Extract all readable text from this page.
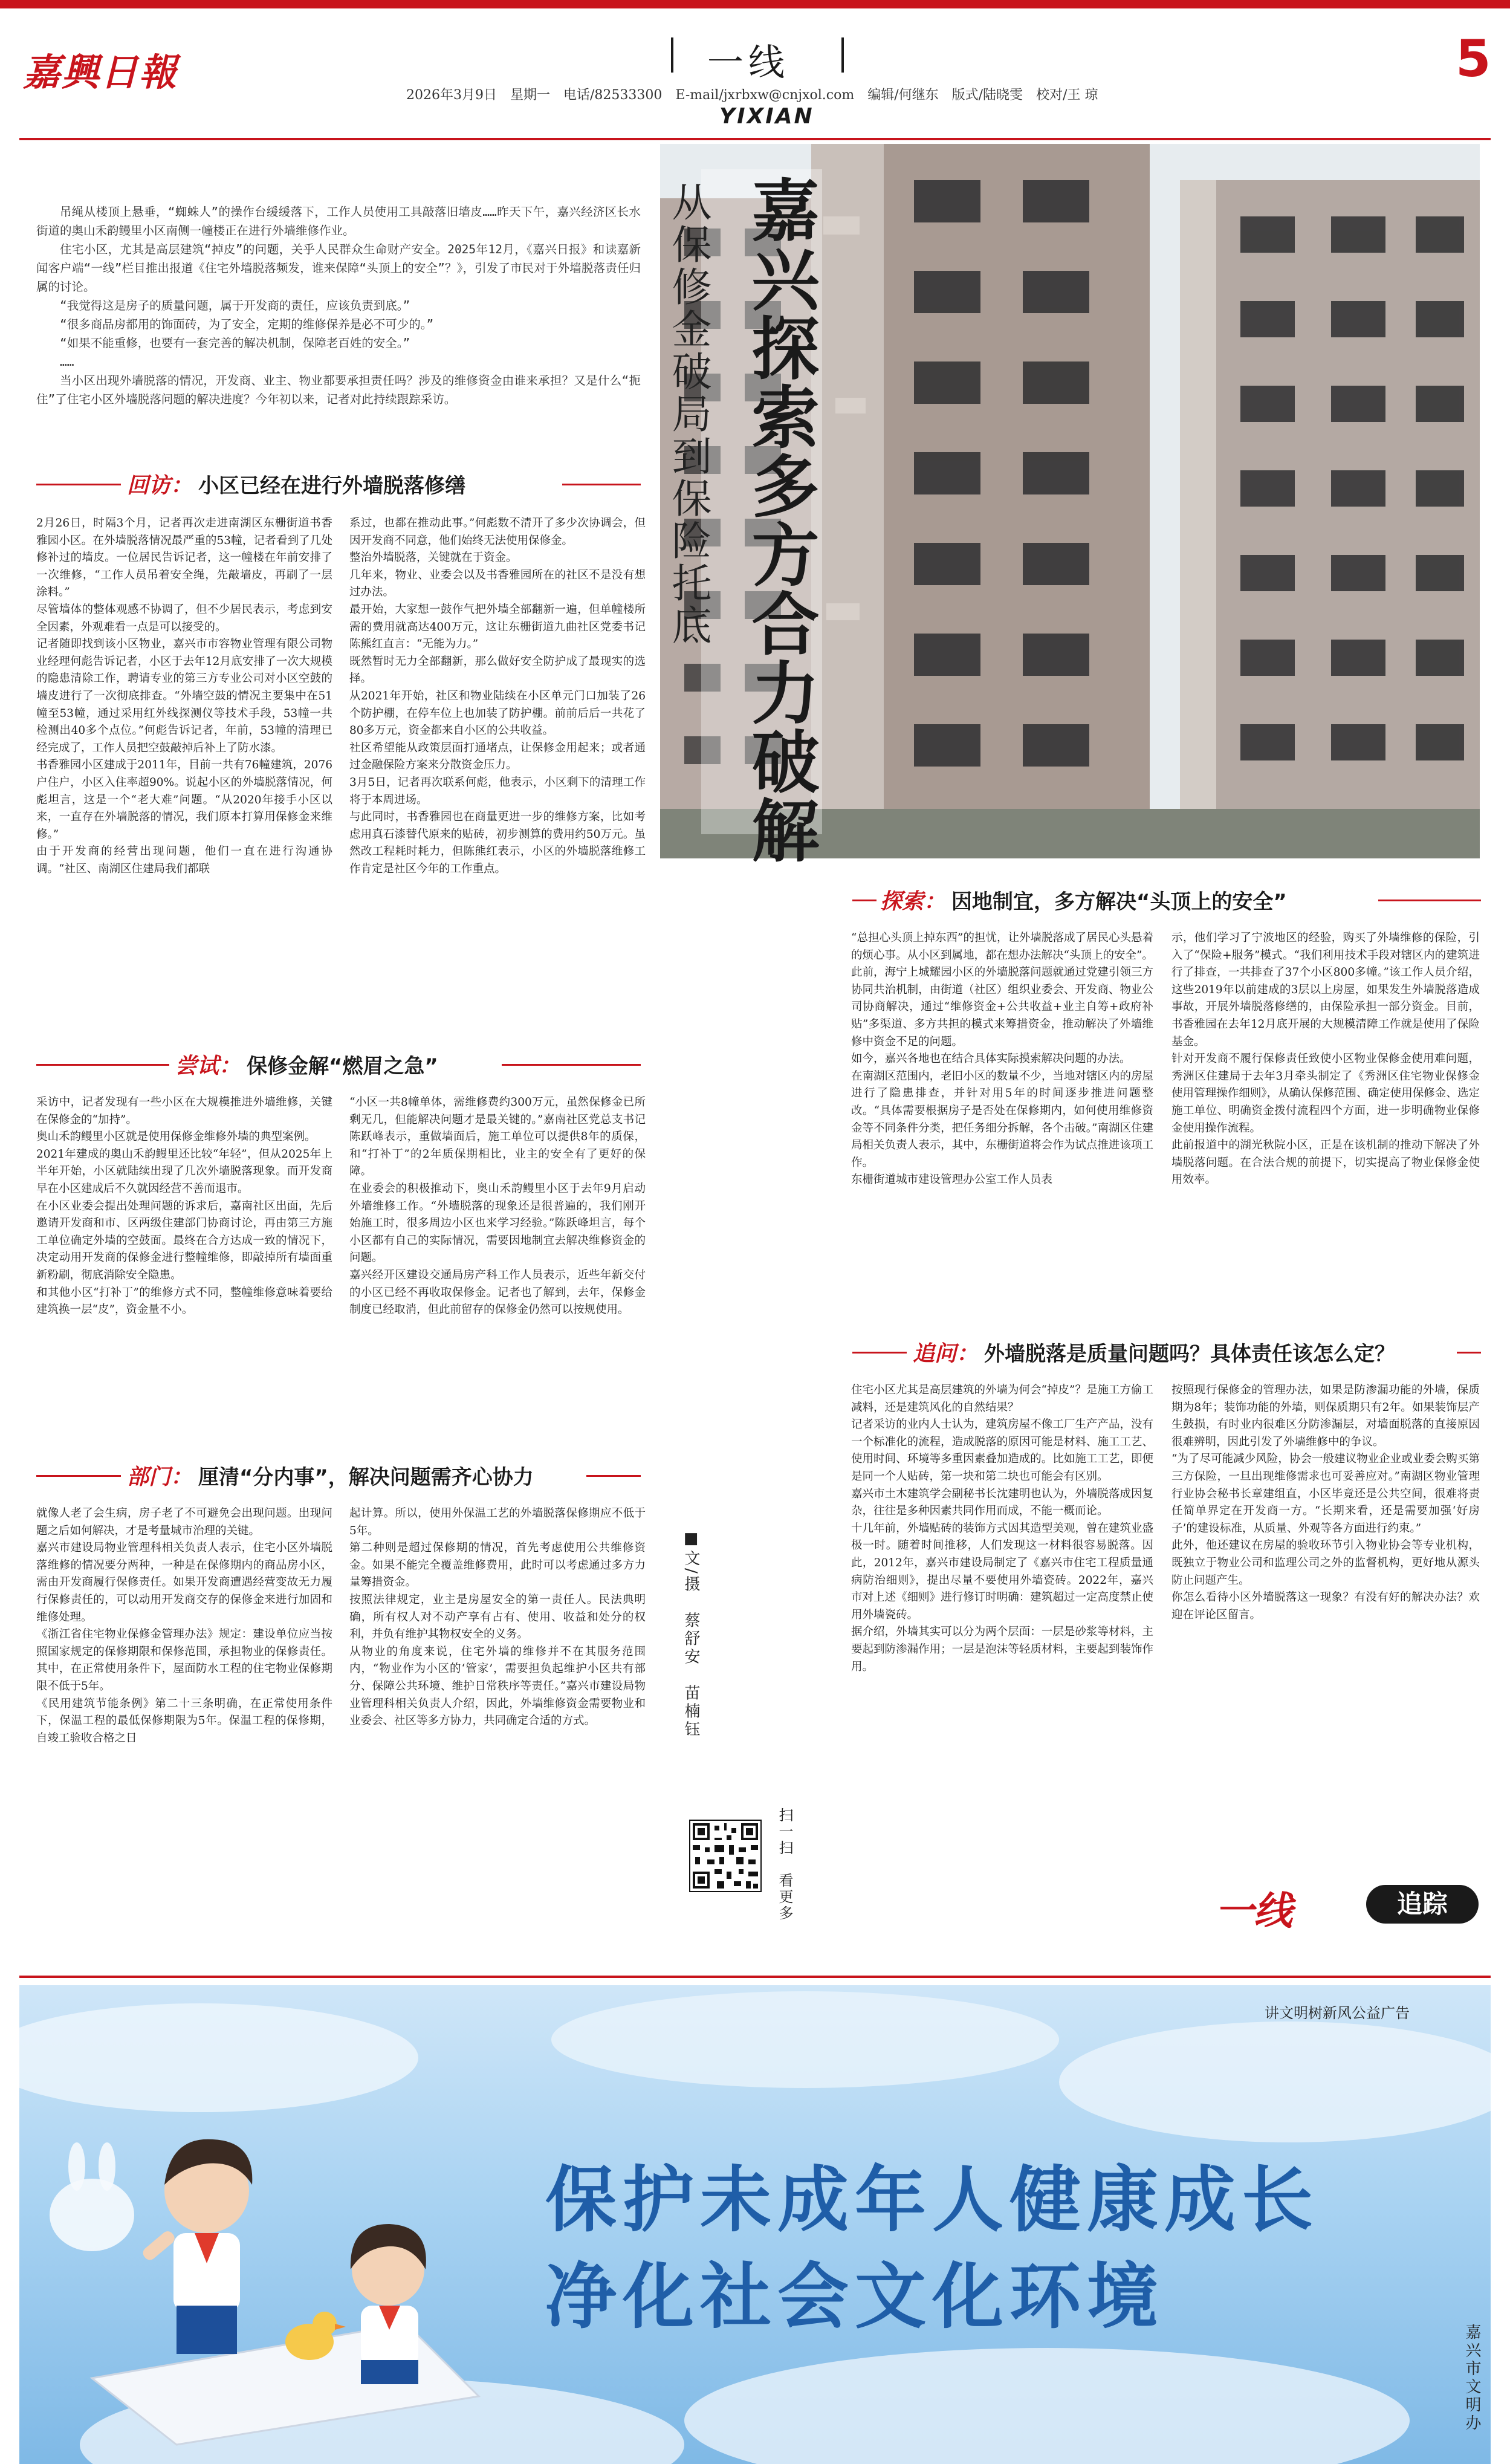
嘉興日報	一线	5
2026年3月9日　星期一　电话/82533300　E-mail/jxrbxw@cnjxol.com　编辑/何继东　版式/陆晓雯　校对/王 琼
YIXIAN
嘉兴探索多方合力破解
从保修金破局到保险托底

吊绳从楼顶上悬垂，“蜘蛛人”的操作台缓缓落下，工作人员使用工具敲落旧墙皮……昨天下午，嘉兴经济区长水街道的奥山禾韵鳗里小区南侧一幢楼正在进行外墙维修作业。

住宅小区，尤其是高层建筑“掉皮”的问题，关乎人民群众生命财产安全。2025年12月，《嘉兴日报》和读嘉新闻客户端“一线”栏目推出报道《住宅外墙脱落频发，谁来保障“头顶上的安全”？》，引发了市民对于外墙脱落责任归属的讨论。

“我觉得这是房子的质量问题，属于开发商的责任，应该负责到底。”

“很多商品房都用的饰面砖，为了安全，定期的维修保养是必不可少的。”

“如果不能重修，也要有一套完善的解决机制，保障老百姓的安全。”

……

当小区出现外墙脱落的情况，开发商、业主、物业都要承担责任吗？涉及的维修资金由谁来承担？又是什么“扼住”了住宅小区外墙脱落问题的解决进度？今年初以来，记者对此持续跟踪采访。

回访： 小区已经在进行外墙脱落修缮
2月26日，时隔3个月，记者再次走进南湖区东栅街道书香雅园小区。在外墙脱落情况最严重的53幢，记者看到了几处修补过的墙皮。一位居民告诉记者，这一幢楼在年前安排了一次维修，“工作人员吊着安全绳，先敲墙皮，再刷了一层涂料。”
尽管墙体的整体观感不协调了，但不少居民表示，考虑到安全因素，外观难看一点是可以接受的。
记者随即找到该小区物业，嘉兴市市容物业管理有限公司物业经理何彪告诉记者，小区于去年12月底安排了一次大规模的隐患清除工作，聘请专业的第三方专业公司对小区空鼓的墙皮进行了一次彻底排查。“外墙空鼓的情况主要集中在51幢至53幢，通过采用红外线探测仪等技术手段，53幢一共检测出40多个点位。”何彪告诉记者，年前，53幢的清理已经完成了，工作人员把空鼓敲掉后补上了防水漆。
书香雅园小区建成于2011年，目前一共有76幢建筑，2076户住户，小区入住率超90%。说起小区的外墙脱落情况，何彪坦言，这是一个“老大难”问题。“从2020年接手小区以来，一直存在外墙脱落的情况，我们原本打算用保修金来维修。”
由于开发商的经营出现问题，他们一直在进行沟通协调。“社区、南湖区住建局我们都联
系过，也都在推动此事。”何彪数不清开了多少次协调会，但因开发商不同意，他们始终无法使用保修金。
整治外墙脱落，关键就在于资金。
几年来，物业、业委会以及书香雅园所在的社区不是没有想过办法。
最开始，大家想一鼓作气把外墙全部翻新一遍，但单幢楼所需的费用就高达400万元，这让东栅街道九曲社区党委书记陈熊红直言：“无能为力。”
既然暂时无力全部翻新，那么做好安全防护成了最现实的选择。
从2021年开始，社区和物业陆续在小区单元门口加装了26个防护棚，在停车位上也加装了防护棚。前前后后一共花了80多万元，资金都来自小区的公共收益。
社区希望能从政策层面打通堵点，让保修金用起来；或者通过金融保险方案来分散资金压力。
3月5日，记者再次联系何彪，他表示，小区剩下的清理工作将于本周进场。
与此同时，书香雅园也在商量更进一步的维修方案，比如考虑用真石漆替代原来的贴砖，初步测算的费用约50万元。虽然改工程耗时耗力，但陈熊红表示，小区的外墙脱落维修工作肯定是社区今年的工作重点。
尝试： 保修金解“燃眉之急”
采访中，记者发现有一些小区在大规模推进外墙维修，关键在保修金的“加持”。
奥山禾韵鳗里小区就是使用保修金维修外墙的典型案例。
2021年建成的奥山禾韵鳗里还比较“年轻”，但从2025年上半年开始，小区就陆续出现了几次外墙脱落现象。而开发商早在小区建成后不久就因经营不善而退市。
在小区业委会提出处理问题的诉求后，嘉南社区出面，先后邀请开发商和市、区两级住建部门协商讨论，再由第三方施工单位确定外墙的空鼓面。最终在合方达成一致的情况下，决定动用开发商的保修金进行整幢维修，即敲掉所有墙面重新粉刷，彻底消除安全隐患。
和其他小区“打补丁”的维修方式不同，整幢维修意味着要给建筑换一层“皮”，资金量不小。
“小区一共8幢单体，需维修费约300万元，虽然保修金已所剩无几，但能解决问题才是最关键的。”嘉南社区党总支书记陈跃峰表示，重做墙面后，施工单位可以提供8年的质保，和“打补丁”的2年质保期相比，业主的安全有了更好的保障。
在业委会的积极推动下，奥山禾韵鳗里小区于去年9月启动外墙维修工作。“外墙脱落的现象还是很普遍的，我们刚开始施工时，很多周边小区也来学习经验。”陈跃峰坦言，每个小区都有自己的实际情况，需要因地制宜去解决维修资金的问题。
嘉兴经开区建设交通局房产科工作人员表示，近些年新交付的小区已经不再收取保修金。记者也了解到，去年，保修金制度已经取消，但此前留存的保修金仍然可以按规使用。
部门： 厘清“分内事”，解决问题需齐心协力
就像人老了会生病，房子老了不可避免会出现问题。出现问题之后如何解决，才是考量城市治理的关键。
嘉兴市建设局物业管理科相关负责人表示，住宅小区外墙脱落维修的情况要分两种，一种是在保修期内的商品房小区，需由开发商履行保修责任。如果开发商遭遇经营变故无力履行保修责任的，可以动用开发商交存的保修金来进行加固和维修处理。
《浙江省住宅物业保修金管理办法》规定：建设单位应当按照国家规定的保修期限和保修范围，承担物业的保修责任。其中，在正常使用条件下，屋面防水工程的住宅物业保修期限不低于5年。
《民用建筑节能条例》第二十三条明确，在正常使用条件下，保温工程的最低保修期限为5年。保温工程的保修期，自竣工验收合格之日
起计算。所以，使用外保温工艺的外墙脱落保修期应不低于5年。
第二种则是超过保修期的情况，首先考虑使用公共维修资金。如果不能完全覆盖维修费用，此时可以考虑通过多方力量筹措资金。
按照法律规定，业主是房屋安全的第一责任人。民法典明确，所有权人对不动产享有占有、使用、收益和处分的权利，并负有维护其物权安全的义务。
从物业的角度来说，住宅外墙的维修并不在其服务范围内，“物业作为小区的‘管家’，需要担负起维护小区共有部分、保障公共环境、维护日常秩序等责任。”嘉兴市建设局物业管理科相关负责人介绍，因此，外墙维修资金需要物业和业委会、社区等多方协力，共同确定合适的方式。	■文/摄　蔡舒安　苗楠钰
扫一扫　看更多
探索： 因地制宜，多方解决“头顶上的安全”
“总担心头顶上掉东西”的担忧，让外墙脱落成了居民心头悬着的烦心事。从小区到属地，都在想办法解决“头顶上的安全”。
此前，海宁上城耀园小区的外墙脱落问题就通过党建引领三方协同共治机制，由街道（社区）组织业委会、开发商、物业公司协商解决，通过“维修资金+公共收益+业主自筹+政府补贴”多渠道、多方共担的模式来筹措资金，推动解决了外墙维修中资金不足的问题。
如今，嘉兴各地也在结合具体实际摸索解决问题的办法。
在南湖区范围内，老旧小区的数量不少，当地对辖区内的房屋进行了隐患排查，并针对用5年的时间逐步推进问题整改。“具体需要根据房子是否处在保修期内，如何使用维修资金等不同条件分类，把任务细分拆解，各个击破。”南湖区住建局相关负责人表示，其中，东栅街道将会作为试点推进该项工作。
东栅街道城市建设管理办公室工作人员表
示，他们学习了宁波地区的经验，购买了外墙维修的保险，引入了“保险+服务”模式。“我们利用技术手段对辖区内的建筑进行了排查，一共排查了37个小区800多幢。”该工作人员介绍，这些2019年以前建成的3层以上房屋，如果发生外墙脱落造成事故，开展外墙脱落修缮的，由保险承担一部分资金。目前，书香雅园在去年12月底开展的大规模清障工作就是使用了保险基金。
针对开发商不履行保修责任致使小区物业保修金使用难问题，秀洲区住建局于去年3月牵头制定了《秀洲区住宅物业保修金使用管理操作细则》，从确认保修范围、确定使用保修金、选定施工单位、明确资金拨付流程四个方面，进一步明确物业保修金使用操作流程。
此前报道中的湖光秋院小区，正是在该机制的推动下解决了外墙脱落问题。在合法合规的前提下，切实提高了物业保修金使用效率。
追问： 外墙脱落是质量问题吗？具体责任该怎么定？
住宅小区尤其是高层建筑的外墙为何会“掉皮”？是施工方偷工减料，还是建筑风化的自然结果？
记者采访的业内人士认为，建筑房屋不像工厂生产产品，没有一个标准化的流程，造成脱落的原因可能是材料、施工工艺、使用时间、环境等多重因素叠加造成的。比如施工工艺，即便是同一个人贴砖，第一块和第二块也可能会有区别。
嘉兴市土木建筑学会副秘书长沈建明也认为，外墙脱落成因复杂，往往是多种因素共同作用而成，不能一概而论。
十几年前，外墙贴砖的装饰方式因其造型美观，曾在建筑业盛极一时。随着时间推移，人们发现这一材料很容易脱落。因此，2012年，嘉兴市建设局制定了《嘉兴市住宅工程质量通病防治细则》，提出尽量不要使用外墙瓷砖。2022年，嘉兴市对上述《细则》进行修订时明确：建筑超过一定高度禁止使用外墙瓷砖。
据介绍，外墙其实可以分为两个层面：一层是砂浆等材料，主要起到防渗漏作用；一层是泡沫等轻质材料，主要起到装饰作用。
按照现行保修金的管理办法，如果是防渗漏功能的外墙，保质期为8年；装饰功能的外墙，则保质期只有2年。如果装饰层产生鼓损，有时业内很难区分防渗漏层，对墙面脱落的直接原因很难辨明，因此引发了外墙维修中的争议。
“为了尽可能减少风险，协会一般建议物业企业或业委会购买第三方保险，一旦出现维修需求也可妥善应对。”南湖区物业管理行业协会秘书长章建组直，小区毕竟还是公共空间，很难将责任简单界定在开发商一方。“长期来看，还是需要加强‘好房子’的建设标准，从质量、外观等各方面进行约束。”
此外，他还建议在房屋的验收环节引入物业协会等专业机构，既独立于物业公司和监理公司之外的监督机构，更好地从源头防止问题产生。
你怎么看待小区外墙脱落这一现象？有没有好的解决办法？欢迎在评论区留言。
一线	追踪
讲文明树新风公益广告
保护未成年人健康成长
净化社会文化环境
嘉兴市文明办
